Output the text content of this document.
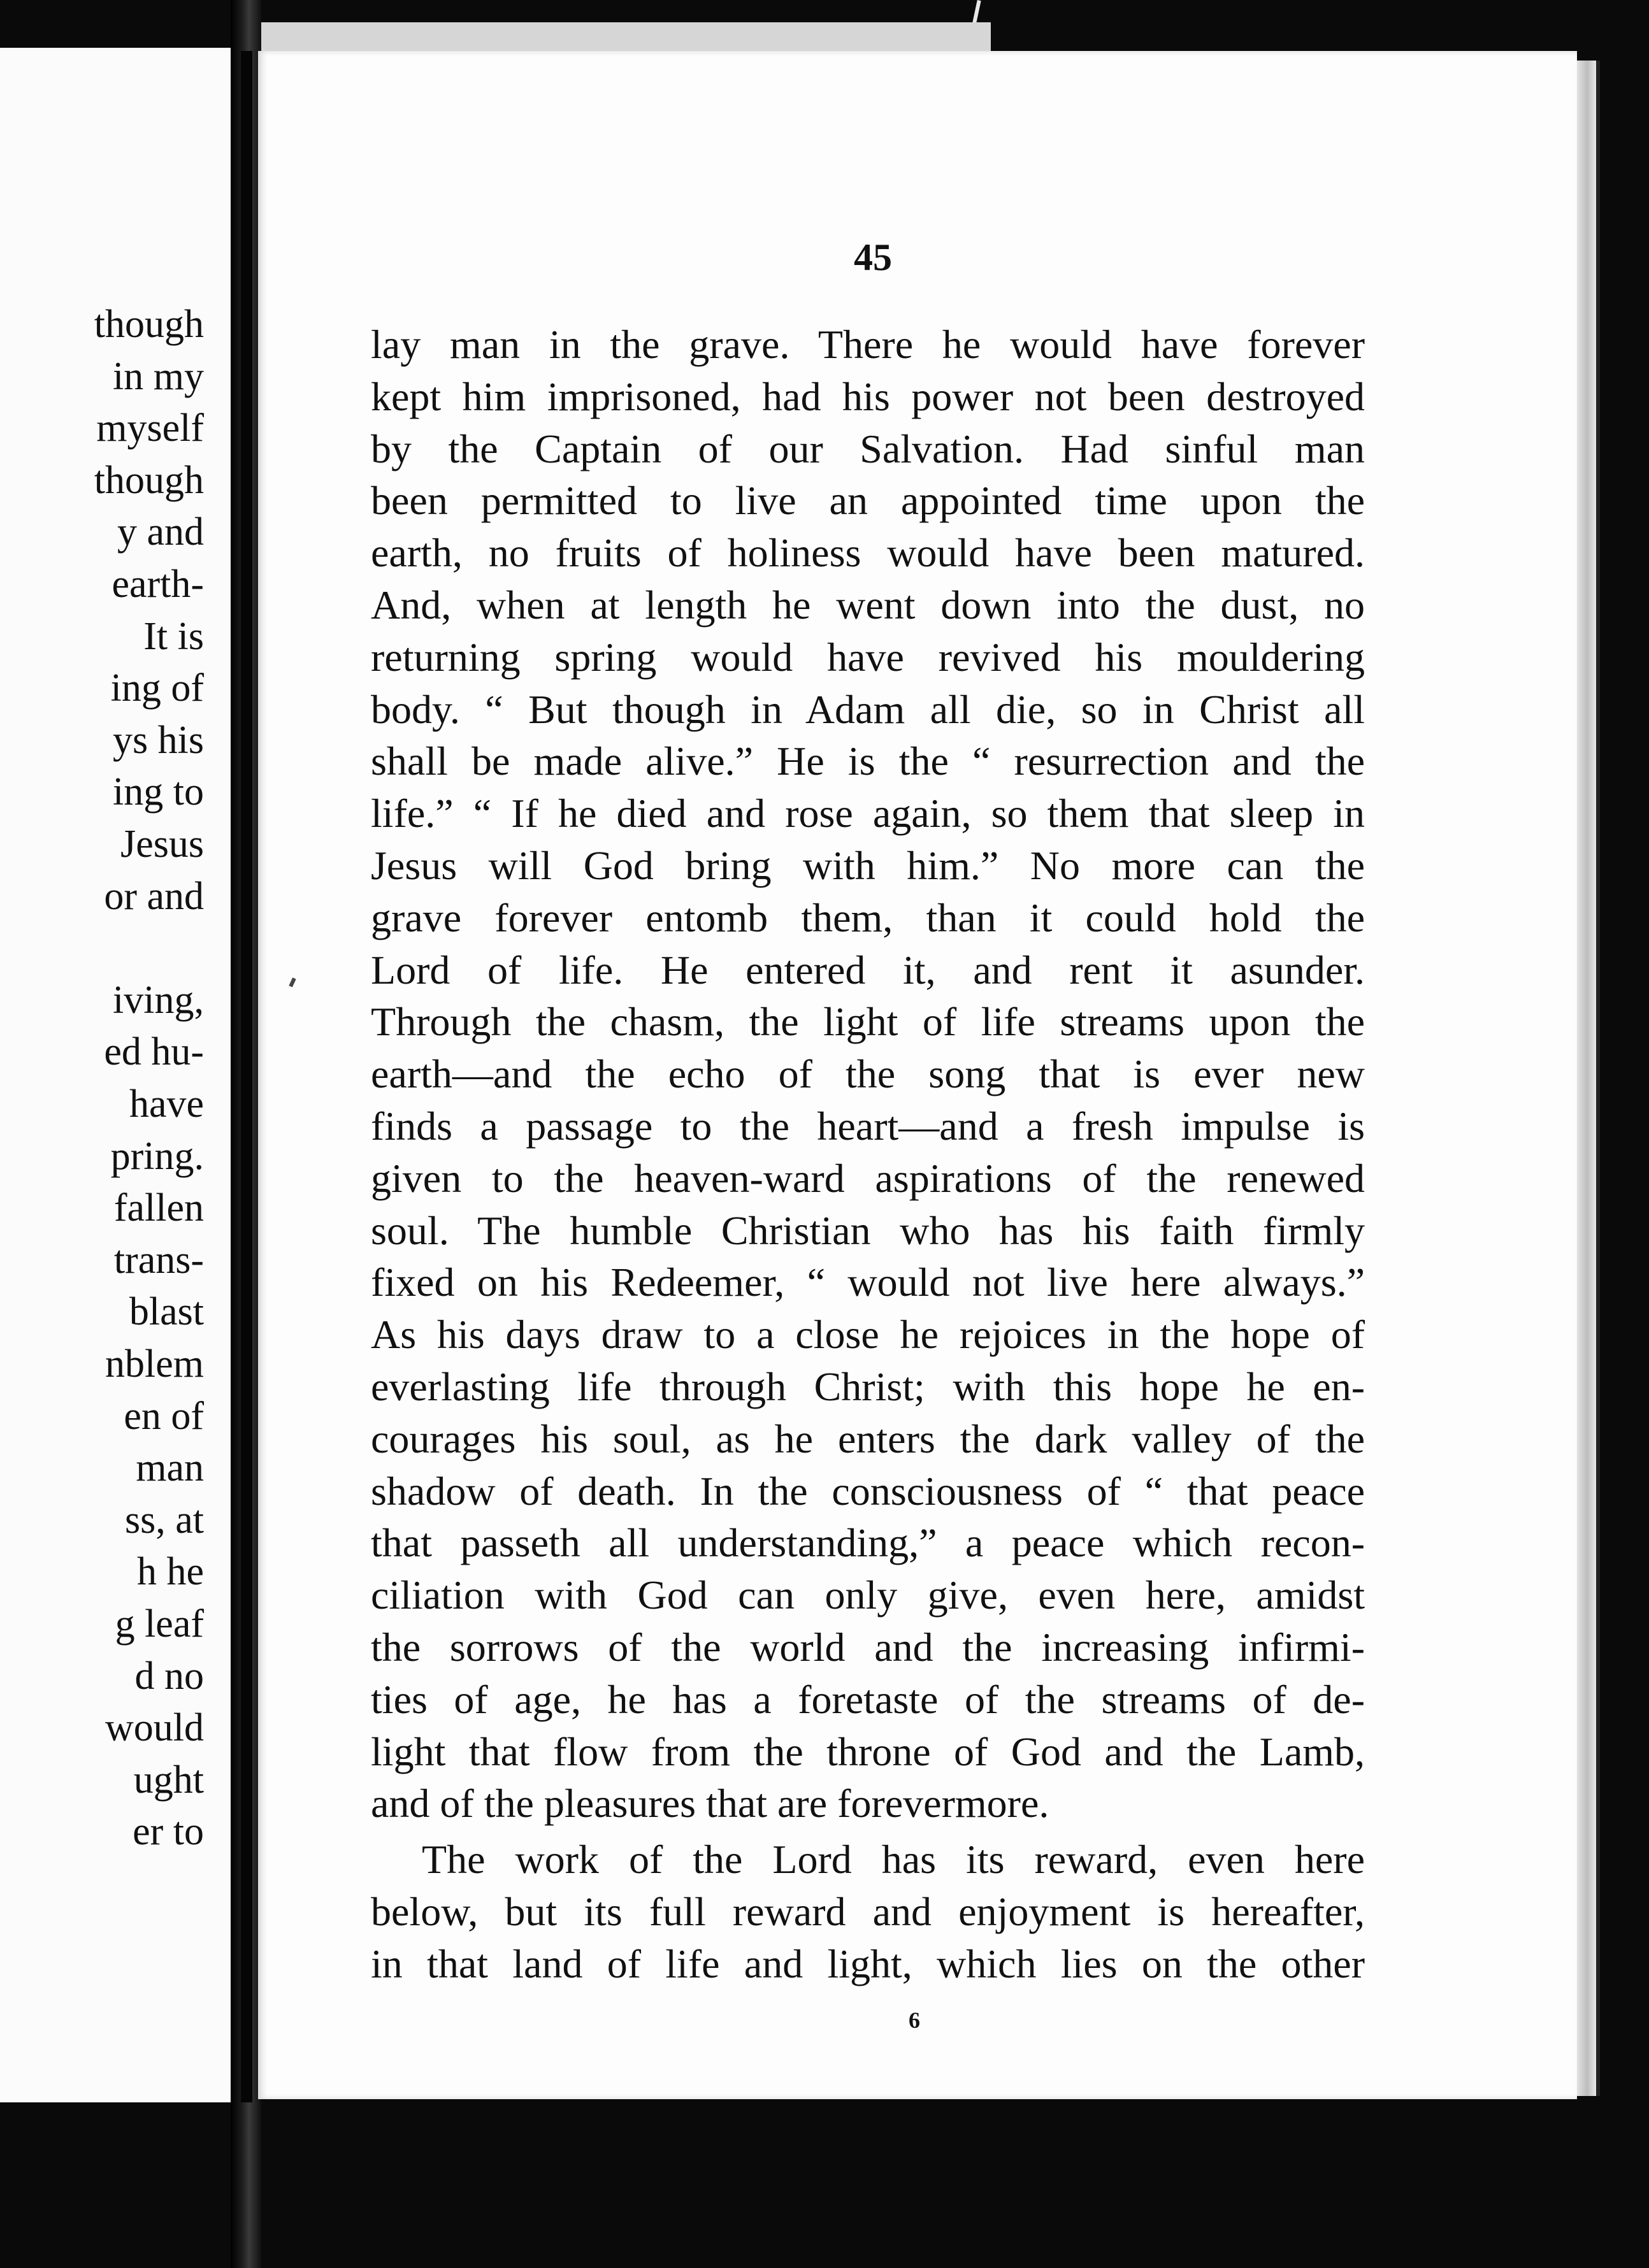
though
in my
myself
though
y and
earth-
It is
ing of
ys his
ing to
Jesus
or and
iving,
ed hu-
have
pring.
fallen
trans-
blast
nblem
en of
man
ss, at
h he
g leaf
d no
would
ught
er to
45
lay man in the grave. There he would have forever
kept him imprisoned, had his power not been destroyed
by the Captain of our Salvation. Had sinful man
been permitted to live an appointed time upon the
earth, no fruits of holiness would have been matured.
And, when at length he went down into the dust, no
returning spring would have revived his mouldering
body. “ But though in Adam all die, so in Christ all
shall be made alive.” He is the “ resurrection and the
life.” “ If he died and rose again, so them that sleep in
Jesus will God bring with him.” No more can the
grave forever entomb them, than it could hold the
Lord of life. He entered it, and rent it asunder.
Through the chasm, the light of life streams upon the
earth—and the echo of the song that is ever new
finds a passage to the heart—and a fresh impulse is
given to the heaven-ward aspirations of the renewed
soul. The humble Christian who has his faith firmly
fixed on his Redeemer, “ would not live here always.”
As his days draw to a close he rejoices in the hope of
everlasting life through Christ; with this hope he en-
courages his soul, as he enters the dark valley of the
shadow of death. In the consciousness of “ that peace
that passeth all understanding,” a peace which recon-
ciliation with God can only give, even here, amidst
the sorrows of the world and the increasing infirmi-
ties of age, he has a foretaste of the streams of de-
light that flow from the throne of God and the Lamb,
and of the pleasures that are forevermore.
The work of the Lord has its reward, even here
below, but its full reward and enjoyment is hereafter,
in that land of life and light, which lies on the other
6
